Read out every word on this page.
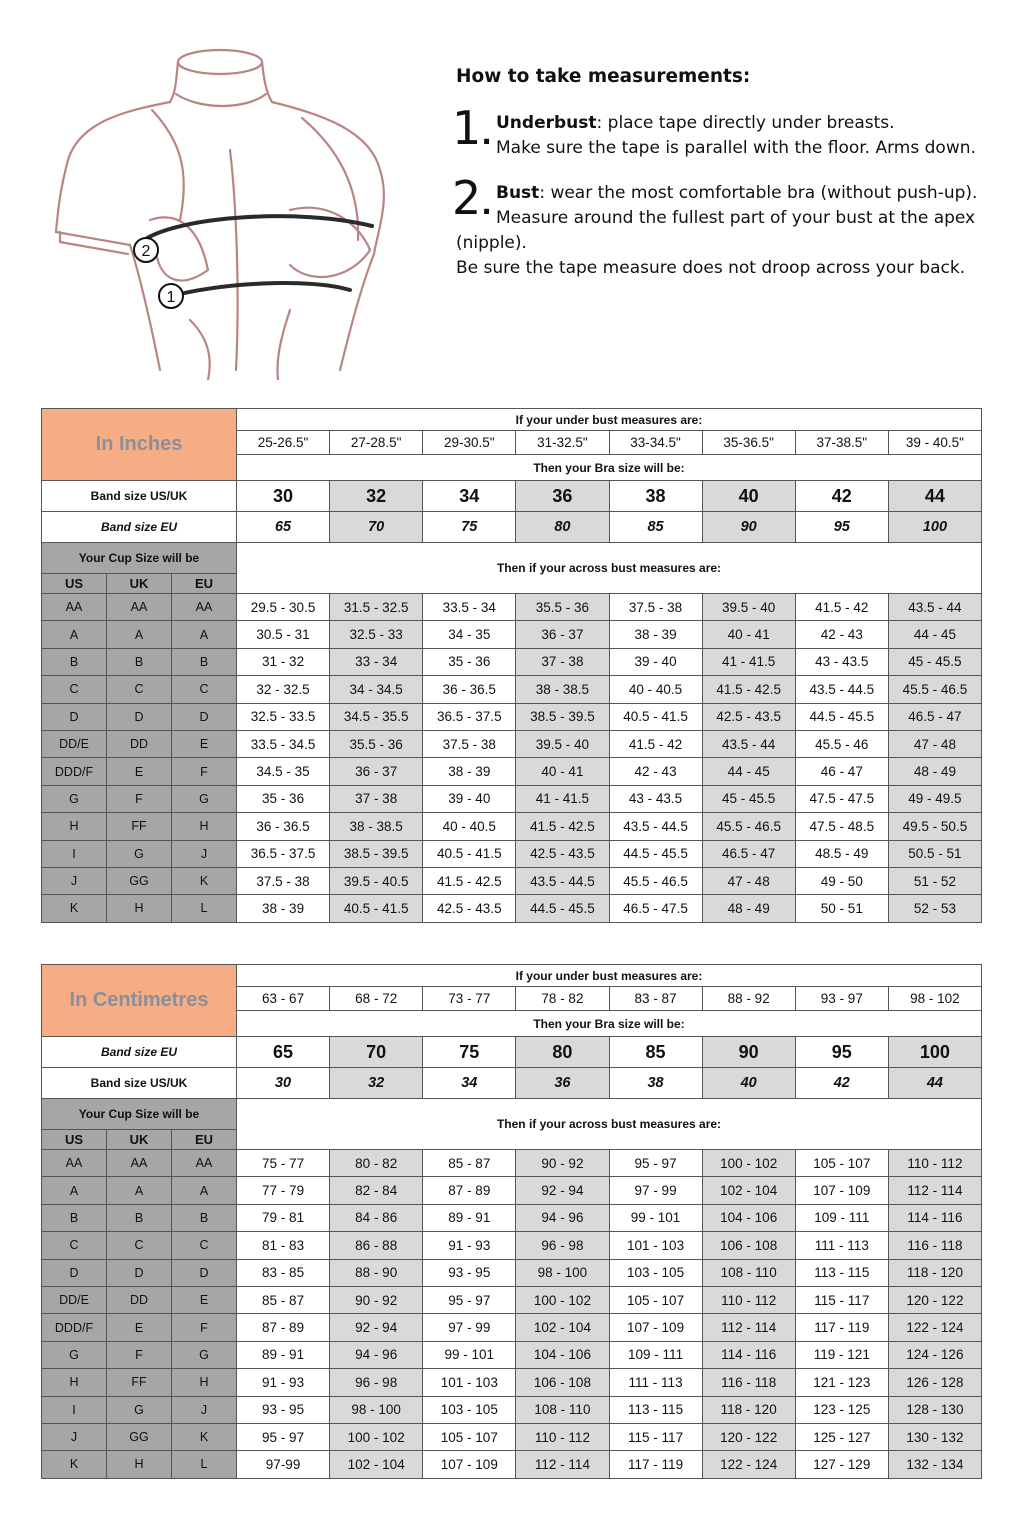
2
1
How to take measurements:
1 . Underbust: place tape directly under breasts.
Make sure the tape is parallel with the floor. Arms down.
2 . Bust: wear the most comfortable bra (without push-up).
Measure around the fullest part of your bust at the apex
(nipple).
Be sure the tape measure does not droop across your back.
In Inches			If your under bust measures are:							
			25-26.5"	27-28.5"	29-30.5"	31-32.5"	33-34.5"	35-36.5"	37-38.5"	39 - 40.5"
			Then your Bra size will be:							
Band size US/UK			30	32	34	36	38	40	42	44
Band size EU			65	70	75	80	85	90	95	100
Your Cup Size will be			Then if your across bust measures are:							
US	UK	EU								
AA	AA	AA	29.5 - 30.5	31.5 - 32.5	33.5 - 34	35.5 - 36	37.5 - 38	39.5 - 40	41.5 - 42	43.5 - 44
A	A	A	30.5 - 31	32.5 - 33	34 - 35	36 - 37	38 - 39	40 - 41	42 - 43	44 - 45
B	B	B	31 - 32	33 - 34	35 - 36	37 - 38	39 - 40	41 - 41.5	43 - 43.5	45 - 45.5
C	C	C	32 - 32.5	34 - 34.5	36 - 36.5	38 - 38.5	40 - 40.5	41.5 - 42.5	43.5 - 44.5	45.5 - 46.5
D	D	D	32.5 - 33.5	34.5 - 35.5	36.5 - 37.5	38.5 - 39.5	40.5 - 41.5	42.5 - 43.5	44.5 - 45.5	46.5 - 47
DD/E	DD	E	33.5 - 34.5	35.5 - 36	37.5 - 38	39.5 - 40	41.5 - 42	43.5 - 44	45.5 - 46	47 - 48
DDD/F	E	F	34.5 - 35	36 - 37	38 - 39	40 - 41	42 - 43	44 - 45	46 - 47	48 - 49
G	F	G	35 - 36	37 - 38	39 - 40	41 - 41.5	43 - 43.5	45 - 45.5	47.5 - 47.5	49 - 49.5
H	FF	H	36 - 36.5	38 - 38.5	40 - 40.5	41.5 - 42.5	43.5 - 44.5	45.5 - 46.5	47.5 - 48.5	49.5 - 50.5
I	G	J	36.5 - 37.5	38.5 - 39.5	40.5 - 41.5	42.5 - 43.5	44.5 - 45.5	46.5 - 47	48.5 - 49	50.5 - 51
J	GG	K	37.5 - 38	39.5 - 40.5	41.5 - 42.5	43.5 - 44.5	45.5 - 46.5	47 - 48	49 - 50	51 - 52
K	H	L	38 - 39	40.5 - 41.5	42.5 - 43.5	44.5 - 45.5	46.5 - 47.5	48 - 49	50 - 51	52 - 53
In Centimetres			If your under bust measures are:							
			63 - 67	68 - 72	73 - 77	78 - 82	83 - 87	88 - 92	93 - 97	98 - 102
			Then your Bra size will be:							
Band size EU			65	70	75	80	85	90	95	100
Band size US/UK			30	32	34	36	38	40	42	44
Your Cup Size will be			Then if your across bust measures are:							
US	UK	EU								
AA	AA	AA	75 - 77	80 - 82	85 - 87	90 - 92	95 - 97	100 - 102	105 - 107	110 - 112
A	A	A	77 - 79	82 - 84	87 - 89	92 - 94	97 - 99	102 - 104	107 - 109	112 - 114
B	B	B	79 - 81	84 - 86	89 - 91	94 - 96	99 - 101	104 - 106	109 - 111	114 - 116
C	C	C	81 - 83	86 - 88	91 - 93	96 - 98	101 - 103	106 - 108	111 - 113	116 - 118
D	D	D	83 - 85	88 - 90	93 - 95	98 - 100	103 - 105	108 - 110	113 - 115	118 - 120
DD/E	DD	E	85 - 87	90 - 92	95 - 97	100 - 102	105 - 107	110 - 112	115 - 117	120 - 122
DDD/F	E	F	87 - 89	92 - 94	97 - 99	102 - 104	107 - 109	112 - 114	117 - 119	122 - 124
G	F	G	89 - 91	94 - 96	99 - 101	104 - 106	109 - 111	114 - 116	119 - 121	124 - 126
H	FF	H	91 - 93	96 - 98	101 - 103	106 - 108	111 - 113	116 - 118	121 - 123	126 - 128
I	G	J	93 - 95	98 - 100	103 - 105	108 - 110	113 - 115	118 - 120	123 - 125	128 - 130
J	GG	K	95 - 97	100 - 102	105 - 107	110 - 112	115 - 117	120 - 122	125 - 127	130 - 132
K	H	L	97-99	102 - 104	107 - 109	112 - 114	117 - 119	122 - 124	127 - 129	132 - 134
